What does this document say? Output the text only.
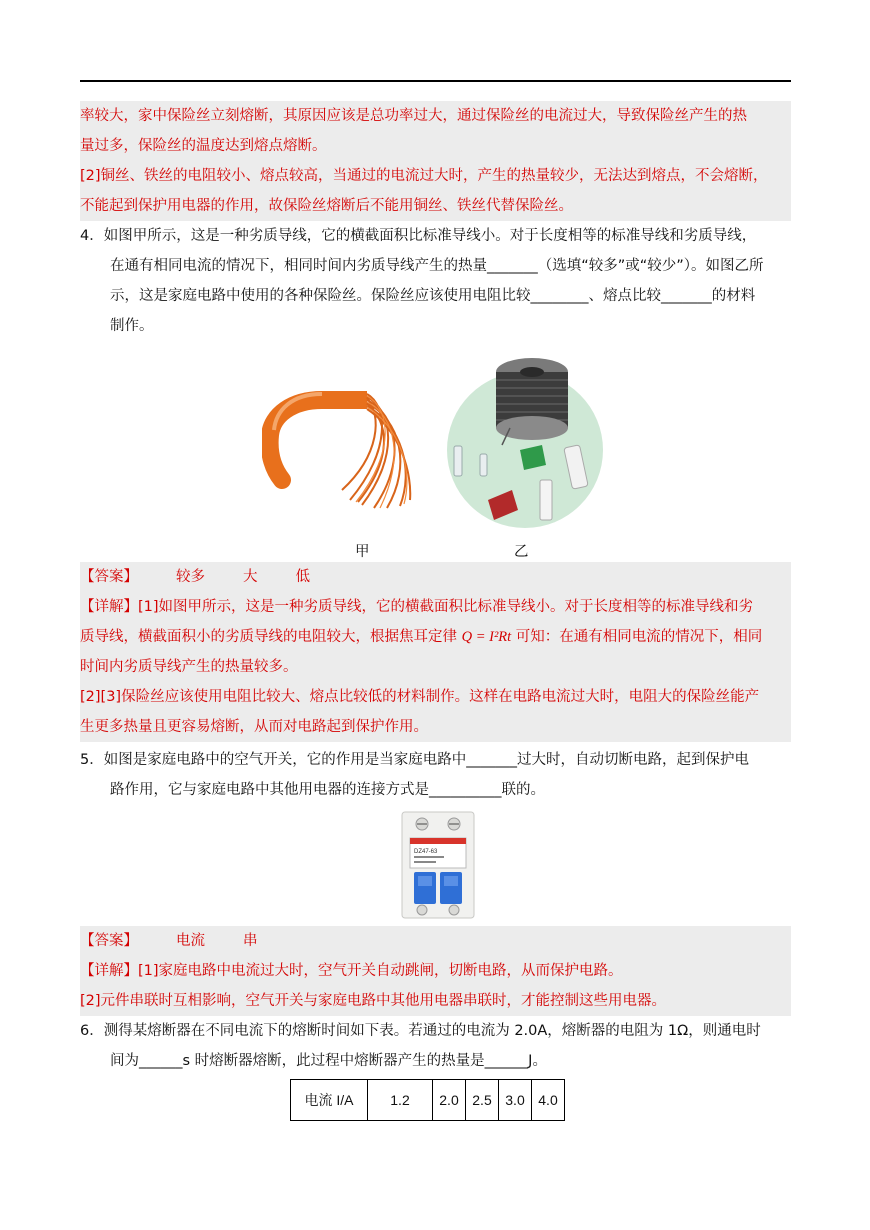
率较大，家中保险丝立刻熔断，其原因应该是总功率过大，通过保险丝的电流过大，导致保险丝产生的热
量过多，保险丝的温度达到熔点熔断。
[2]铜丝、铁丝的电阻较小、熔点较高，当通过的电流过大时，产生的热量较少，无法达到熔点，不会熔断，
不能起到保护用电器的作用，故保险丝熔断后不能用铜丝、铁丝代替保险丝。
4．如图甲所示，这是一种劣质导线，它的横截面积比标准导线小。对于长度相等的标准导线和劣质导线，
在通有相同电流的情况下，相同时间内劣质导线产生的热量_______（选填“较多”或“较少”）。如图乙所
示，这是家庭电路中使用的各种保险丝。保险丝应该使用电阻比较________、熔点比较_______的材料
制作。
甲	乙
【答案】	较多	大	低
【详解】[1]如图甲所示，这是一种劣质导线，它的横截面积比标准导线小。对于长度相等的标准导线和劣
质导线，横截面积小的劣质导线的电阻较大，根据焦耳定律 Q = I²Rt 可知：在通有相同电流的情况下，相同
时间内劣质导线产生的热量较多。
[2][3]保险丝应该使用电阻比较大、熔点比较低的材料制作。这样在电路电流过大时，电阻大的保险丝能产
生更多热量且更容易熔断，从而对电路起到保护作用。
5．如图是家庭电路中的空气开关，它的作用是当家庭电路中_______过大时，自动切断电路，起到保护电
路作用，它与家庭电路中其他用电器的连接方式是__________联的。
DZ47-63
【答案】	电流	串
【详解】[1]家庭电路中电流过大时，空气开关自动跳闸，切断电路，从而保护电路。
[2]元件串联时互相影响，空气开关与家庭电路中其他用电器串联时，才能控制这些用电器。
6．测得某熔断器在不同电流下的熔断时间如下表。若通过的电流为 2.0A，熔断器的电阻为 1Ω，则通电时
间为______s 时熔断器熔断，此过程中熔断器产生的热量是______J。
电流 I/A	1.2	2.0	2.5	3.0	4.0
